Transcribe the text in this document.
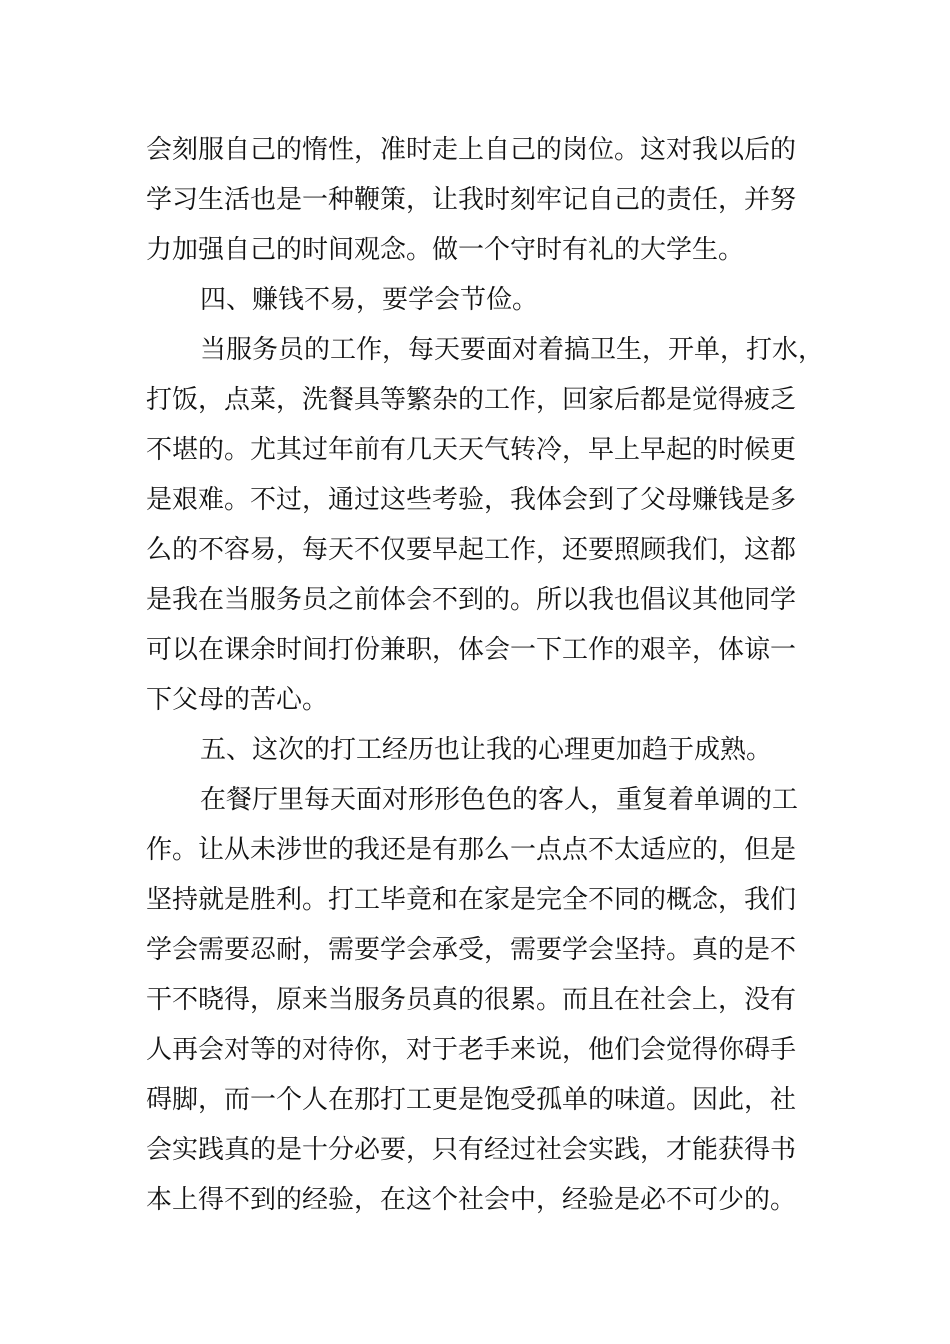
会刻服自己的惰性，准时走上自己的岗位。这对我以后的
学习生活也是一种鞭策，让我时刻牢记自己的责任，并努
力加强自己的时间观念。做一个守时有礼的大学生。
四、赚钱不易，要学会节俭。
当服务员的工作，每天要面对着搞卫生，开单，打水，
打饭，点菜，洗餐具等繁杂的工作，回家后都是觉得疲乏
不堪的。尤其过年前有几天天气转冷，早上早起的时候更
是艰难。不过，通过这些考验，我体会到了父母赚钱是多
么的不容易，每天不仅要早起工作，还要照顾我们，这都
是我在当服务员之前体会不到的。所以我也倡议其他同学
可以在课余时间打份兼职，体会一下工作的艰辛，体谅一
下父母的苦心。
五、这次的打工经历也让我的心理更加趋于成熟。
在餐厅里每天面对形形色色的客人，重复着单调的工
作。让从未涉世的我还是有那么一点点不太适应的，但是
坚持就是胜利。打工毕竟和在家是完全不同的概念，我们
学会需要忍耐，需要学会承受，需要学会坚持。真的是不
干不晓得，原来当服务员真的很累。而且在社会上，没有
人再会对等的对待你，对于老手来说，他们会觉得你碍手
碍脚，而一个人在那打工更是饱受孤单的味道。因此，社
会实践真的是十分必要，只有经过社会实践，才能获得书
本上得不到的经验，在这个社会中，经验是必不可少的。
